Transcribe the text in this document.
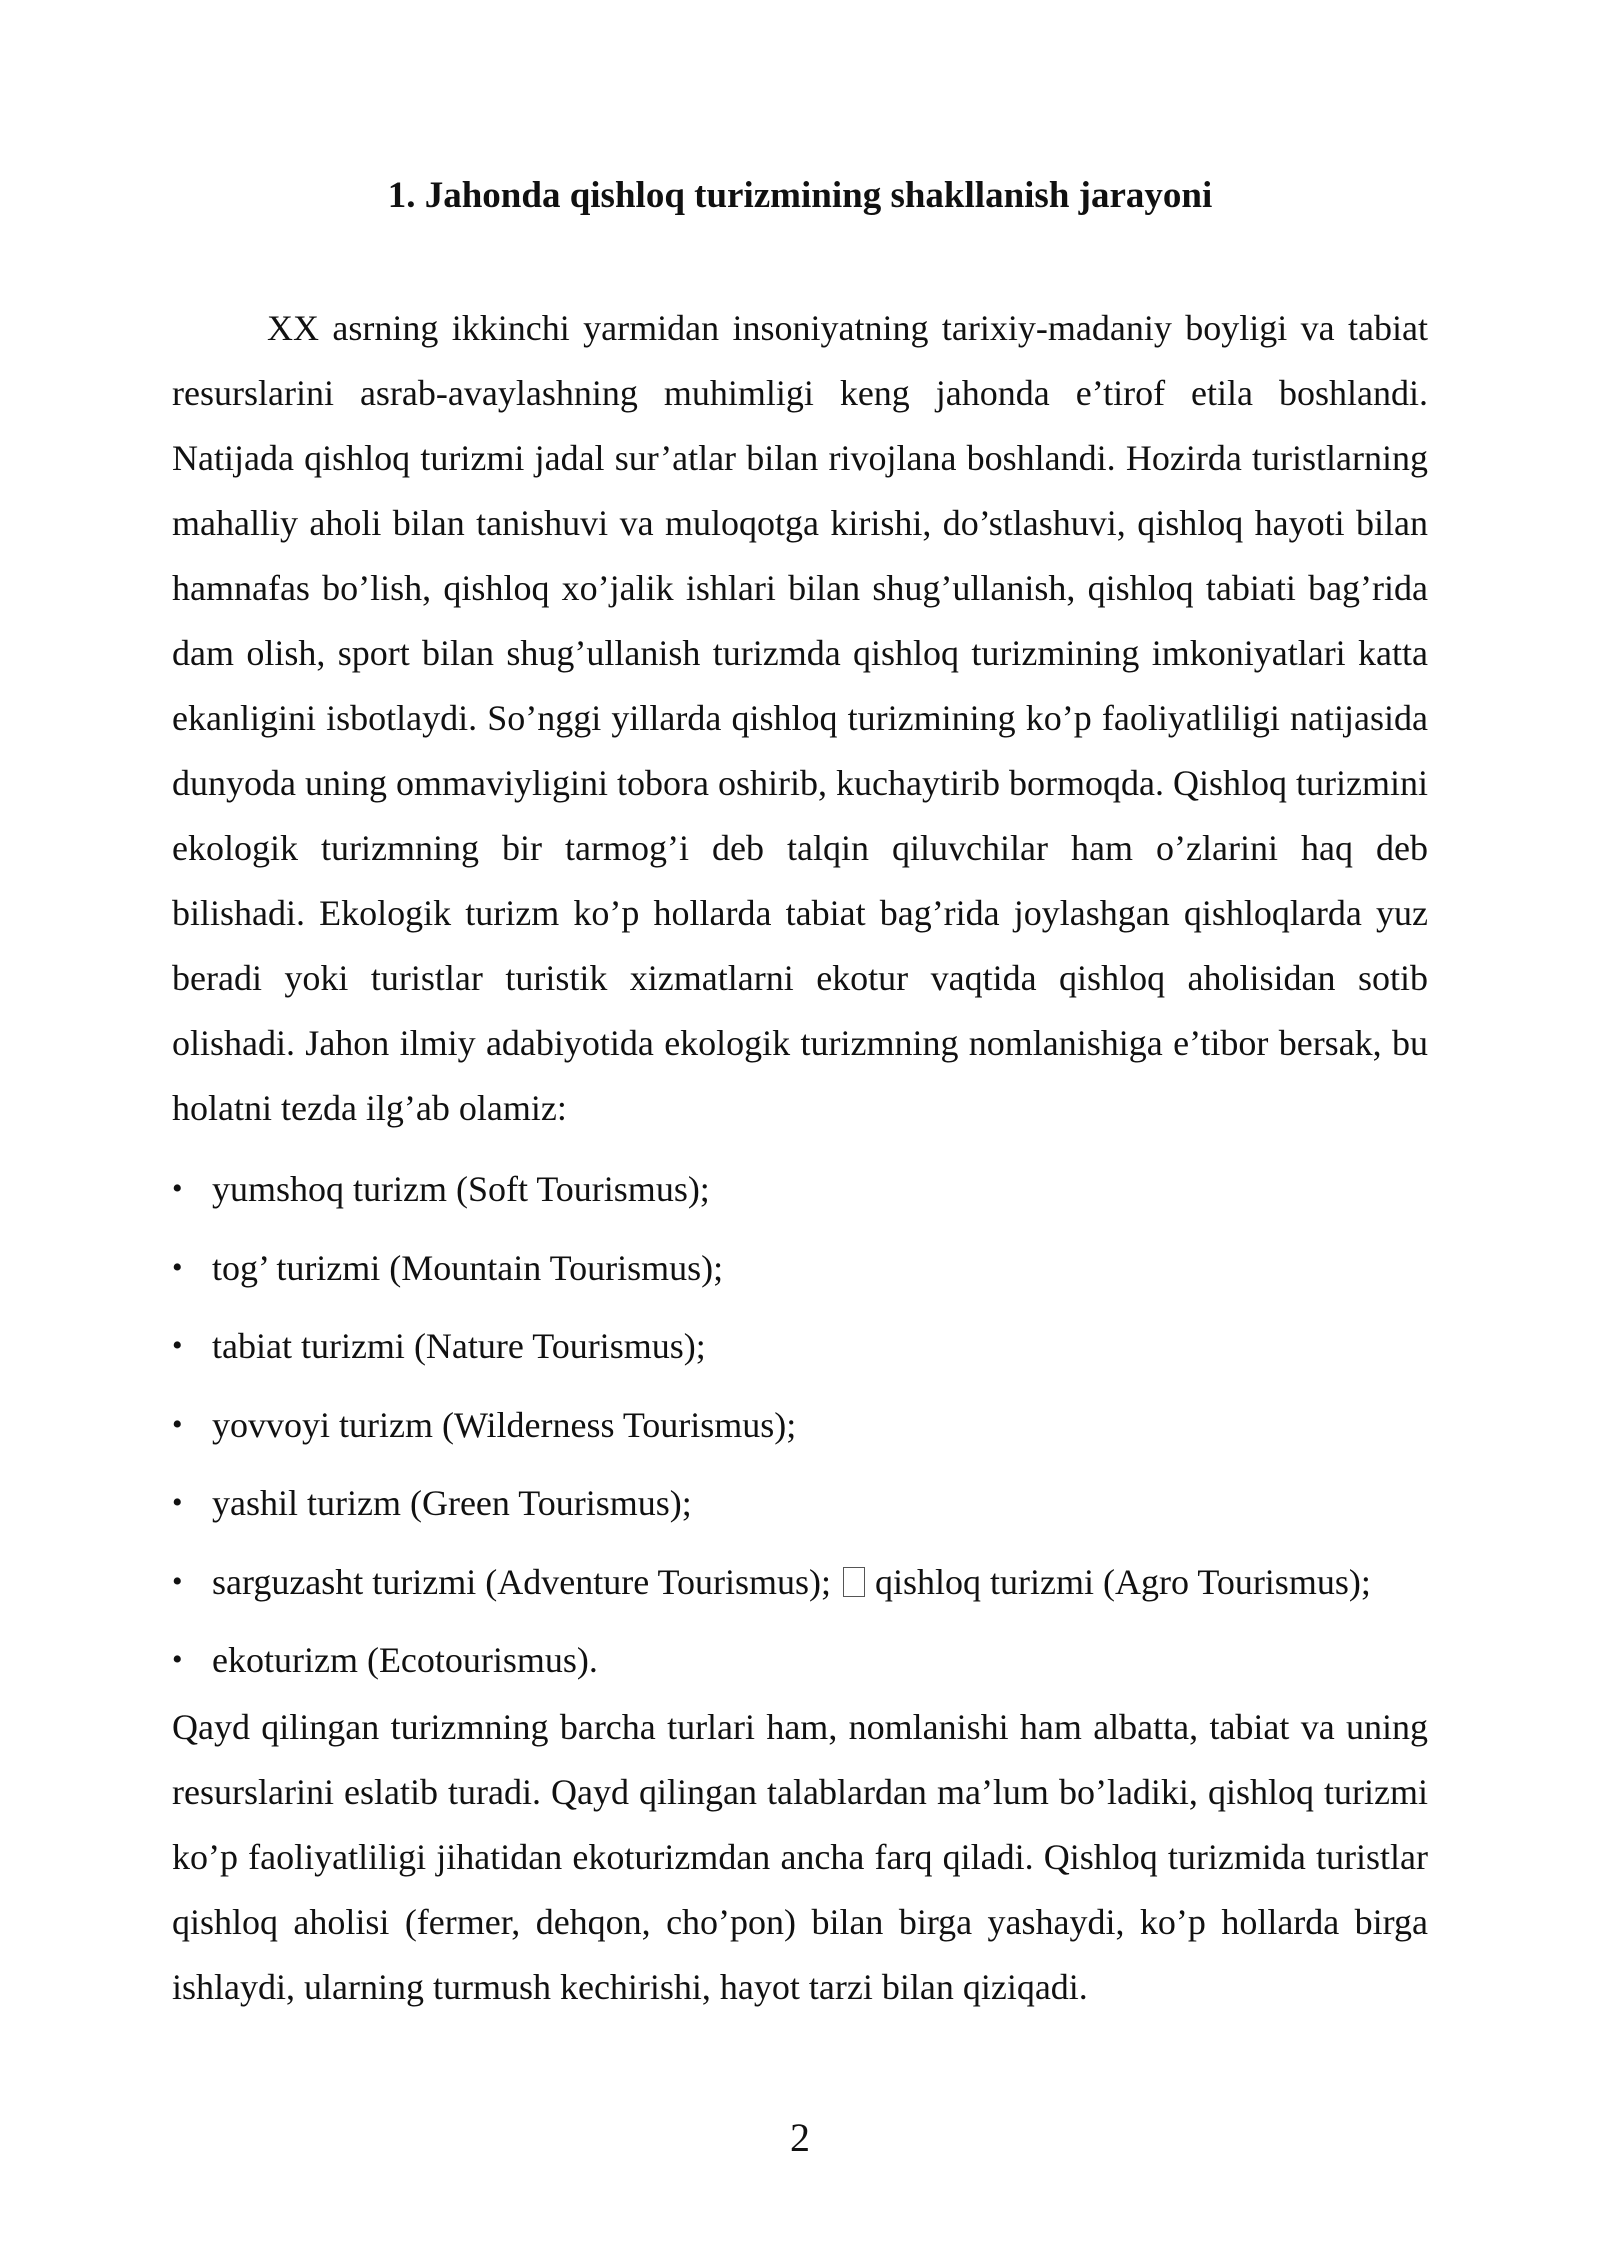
1. Jahonda qishloq turizmining shakllanish jarayoni

XX asrning ikkinchi yarmidan insoniyatning tarixiy-madaniy boyligi va tabiat resurslarini asrab-avaylashning muhimligi keng jahonda e’tirof etila boshlandi. Natijada qishloq turizmi jadal sur’atlar bilan rivojlana boshlandi. Hozirda turistlarning mahalliy aholi bilan tanishuvi va muloqotga kirishi, do’stlashuvi, qishloq hayoti bilan hamnafas bo’lish, qishloq xo’jalik ishlari bilan shug’ullanish, qishloq tabiati bag’rida dam olish, sport bilan shug’ullanish turizmda qishloq turizmining imkoniyatlari katta ekanligini isbotlaydi. So’nggi yillarda qishloq turizmining ko’p faoliyatliligi natijasida dunyoda uning ommaviyligini tobora oshirib, kuchaytirib bormoqda. Qishloq turizmini ekologik turizmning bir tarmog’i deb talqin qiluvchilar ham o’zlarini haq deb bilishadi. Ekologik turizm ko’p hollarda tabiat bag’rida joylashgan qishloqlarda yuz beradi yoki turistlar turistik xizmatlarni ekotur vaqtida qishloq aholisidan sotib olishadi. Jahon ilmiy adabiyotida ekologik turizmning nomlanishiga e’tibor bersak, bu holatni tezda ilg’ab olamiz:

• yumshoq turizm (Soft Tourismus);
• tog’ turizmi (Mountain Tourismus);
• tabiat turizmi (Nature Tourismus);
• yovvoyi turizm (Wilderness Tourismus);
• yashil turizm (Green Tourismus);
• sarguzasht turizmi (Adventure Tourismus); qishloq turizmi (Agro Tourismus);
• ekoturizm (Ecotourismus).

Qayd qilingan turizmning barcha turlari ham, nomlanishi ham albatta, tabiat va uning resurslarini eslatib turadi. Qayd qilingan talablardan ma’lum bo’ladiki, qishloq turizmi ko’p faoliyatliligi jihatidan ekoturizmdan ancha farq qiladi. Qishloq turizmida turistlar qishloq aholisi (fermer, dehqon, cho’pon) bilan birga yashaydi, ko’p hollarda birga ishlaydi, ularning turmush kechirishi, hayot tarzi bilan qiziqadi.

2
